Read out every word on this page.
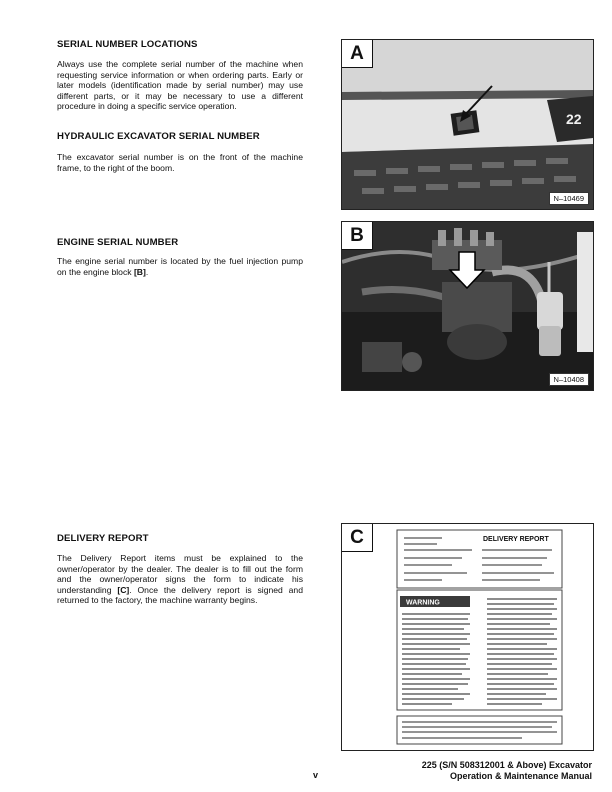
SERIAL NUMBER LOCATIONS
Always use the complete serial number of the machine when requesting service information or when ordering parts. Early or later models (identification made by serial number) may use different parts, or it may be necessary to use a different procedure in doing a specific service operation.
HYDRAULIC EXCAVATOR SERIAL NUMBER
The excavator serial number is on the front of the machine frame, to the right of the boom.
ENGINE SERIAL NUMBER
The engine serial number is located by the fuel injection pump on the engine block [B].
DELIVERY REPORT
The Delivery Report items must be explained to the owner/operator by the dealer. The dealer is to fill out the form and the owner/operator signs the form to indicate his understanding [C]. Once the delivery report is signed and returned to the factory, the machine warranty begins.
22
A
N–10469
B
N–10408
DELIVERY REPORT
WARNING
C
v
225 (S/N 508312001 & Above) Excavator
Operation & Maintenance Manual
